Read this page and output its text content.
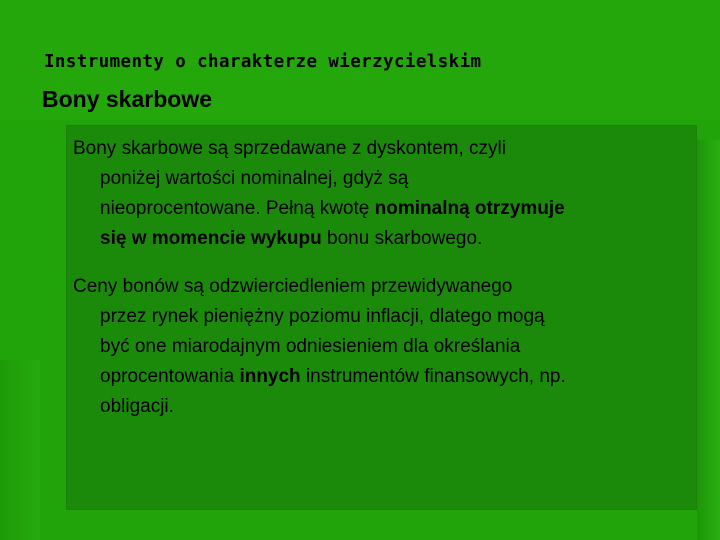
Instrumenty o charakterze wierzycielskim
Bony skarbowe
Bony skarbowe są sprzedawane z dyskontem, czyli
poniżej wartości nominalnej, gdyż są
nieoprocentowane. Pełną kwotę nominalną otrzymuje
się w momencie wykupu bonu skarbowego.
Ceny bonów są odzwierciedleniem przewidywanego
przez rynek pieniężny poziomu inflacji, dlatego mogą
być one miarodajnym odniesieniem dla określania
oprocentowania innych instrumentów finansowych, np.
obligacji.
